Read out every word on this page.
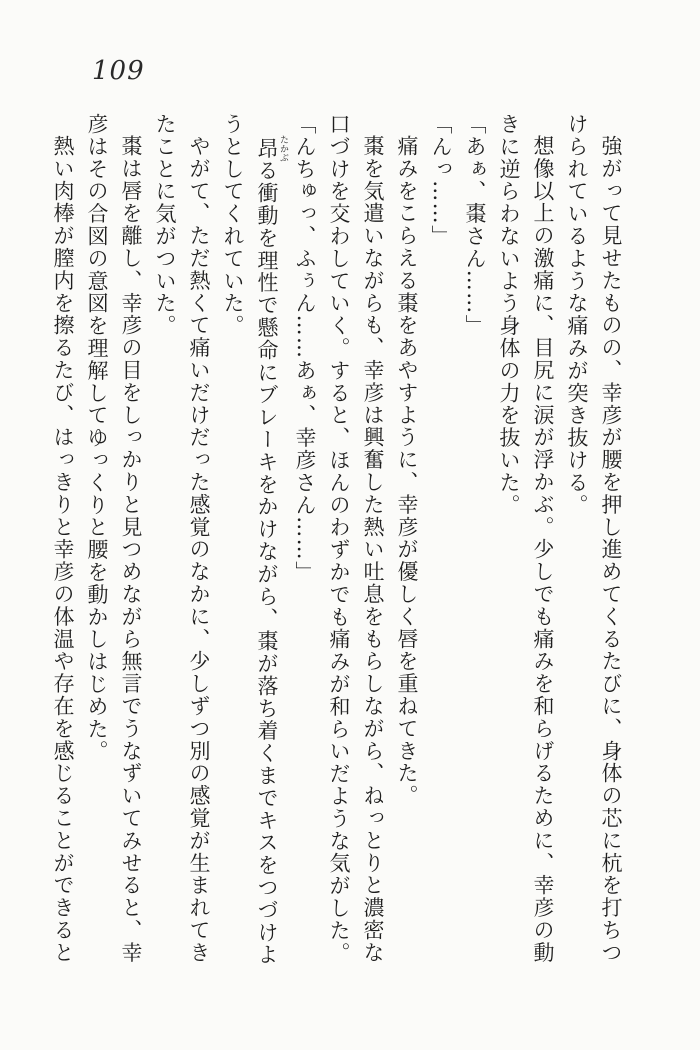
109

強がって見せたものの、幸彦が腰を押し進めてくるたびに、身体の芯に杭を打ちつ

けられているような痛みが突き抜ける。

想像以上の激痛に、目尻に涙が浮かぶ。少しでも痛みを和らげるために、幸彦の動

きに逆らわないよう身体の力を抜いた。

「あぁ、棗さん……」

「んっ……」

痛みをこらえる棗をあやすように、幸彦が優しく唇を重ねてきた。

棗を気遣いながらも、幸彦は興奮した熱い吐息をもらしながら、ねっとりと濃密な

口づけを交わしていく。すると、ほんのわずかでも痛みが和らいだような気がした。

「んちゅっ、ふぅん……あぁ、幸彦さん……」

昂 たかぶる衝動を理性で懸命にブレーキをかけながら、棗が落ち着くまでキスをつづけよ

うとしてくれていた。

やがて、ただ熱くて痛いだけだった感覚のなかに、少しずつ別の感覚が生まれてき

たことに気がついた。

棗は唇を離し、幸彦の目をしっかりと見つめながら無言でうなずいてみせると、幸

彦はその合図の意図を理解してゆっくりと腰を動かしはじめた。

熱い肉棒が膣内を擦るたび、はっきりと幸彦の体温や存在を感じることができると
